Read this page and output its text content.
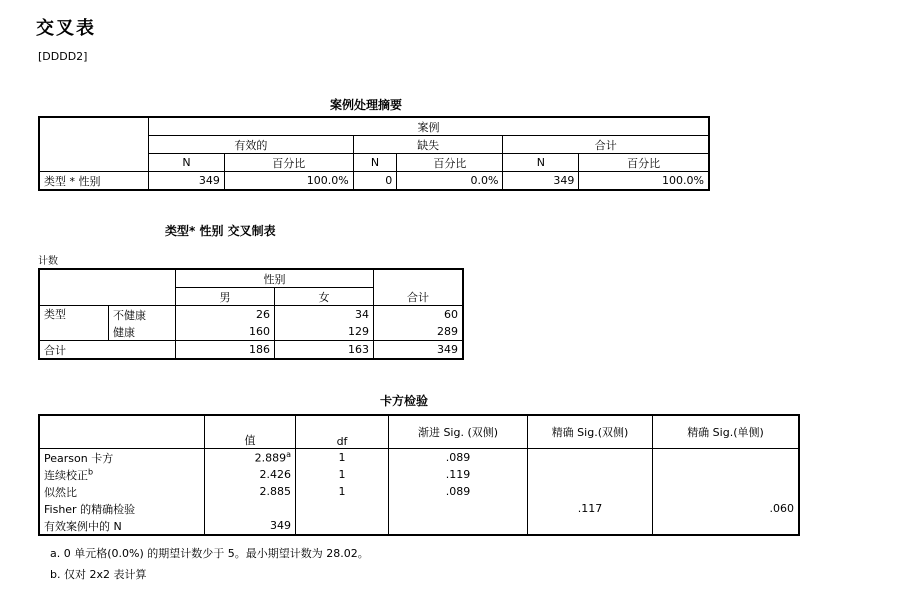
交叉表
[DDDD2]
案例处理摘要
	案例					
	有效的		缺失		合计	
	N	百分比	N	百分比	N	百分比
类型 * 性别	349	100.0%	0	0.0%	349	100.0%
类型* 性别 交叉制表
计数
		性别		合计
		男	女	
类型	不健康	26	34	60
	健康	160	129	289
合计		186	163	349
卡方检验
	值	df	渐进 Sig. (双侧)	精确 Sig.(双侧)	精确 Sig.(单侧)
Pearson 卡方	2.889$^a$	1	.089		
连续校正$^b$	2.426	1	.119		
似然比	2.885	1	.089		
Fisher 的精确检验				.117	.060
有效案例中的 N	349				
a. 0 单元格(0.0%) 的期望计数少于 5。最小期望计数为 28.02。
b. 仅对 2x2 表计算
